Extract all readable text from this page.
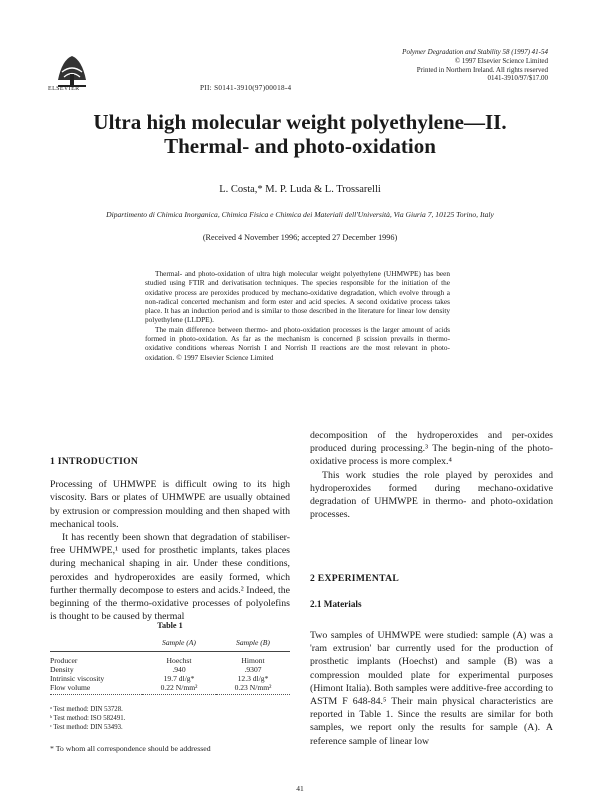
ELSEVIER	PII: S0141-3910(97)00018-4
Polymer Degradation and Stability 58 (1997) 41-54
© 1997 Elsevier Science Limited
Printed in Northern Ireland. All rights reserved
0141-3910/97/$17.00
Ultra high molecular weight polyethylene—II.
Thermal- and photo-oxidation
L. Costa,* M. P. Luda & L. Trossarelli
Dipartimento di Chimica Inorganica, Chimica Fisica e Chimica dei Materiali dell'Università, Via Giuria 7, 10125 Torino, Italy
(Received 4 November 1996; accepted 27 December 1996)

Thermal- and photo-oxidation of ultra high molecular weight polyethylene (UHMWPE) has been studied using FTIR and derivatisation techniques. The species responsible for the initiation of the oxidative process are peroxides produced by mechano-oxidative degradation, which evolve through a non-radical concerted mechanism and form ester and acid species. A second oxidative process takes place. It has an induction period and is similar to those described in the literature for linear low density polyethylene (LLDPE).

The main difference between thermo- and photo-oxidation processes is the larger amount of acids formed in photo-oxidation. As far as the mechanism is concerned β scission prevails in thermo-oxidative conditions whereas Norrish I and Norrish II reactions are the most relevant in photo-oxidation. © 1997 Elsevier Science Limited

1 INTRODUCTION

Processing of UHMWPE is difficult owing to its high viscosity. Bars or plates of UHMWPE are usually obtained by extrusion or compression moulding and then shaped with mechanical tools.

It has recently been shown that degradation of stabiliser-free UHMWPE,¹ used for prosthetic implants, takes places during mechanical shaping in air. Under these conditions, peroxides and hydroperoxides are easily formed, which further thermally decompose to esters and acids.² Indeed, the beginning of the thermo-oxidative processes of polyolefins is thought to be caused by thermal

Table 1
	Sample (A)	Sample (B)
Producer	Hoechst	Himont
Density	.940	.9307
Intrinsic viscosity	19.7 dl/g*	12.3 dl/g*
Flow volume	0.22 N/mm²	0.23 N/mm²
ᵃ Test method: DIN 53728.
ᵇ Test method: ISO 582491.
ᶜ Test method: DIN 53493.
* To whom all correspondence should be addressed
41

decomposition of the hydroperoxides and per-oxides produced during processing.³ The begin-ning of the photo-oxidative process is more complex.⁴

This work studies the role played by peroxides and hydroperoxides formed during mechano-oxidative degradation of UHMWPE in thermo- and photo-oxidation processes.

2 EXPERIMENTAL
2.1 Materials

Two samples of UHMWPE were studied: sample (A) was a 'ram extrusion' bar currently used for the production of prosthetic implants (Hoechst) and sample (B) was a compression moulded plate for experimental purposes (Himont Italia). Both samples were additive-free according to ASTM F 648-84.⁵ Their main physical characteristics are reported in Table 1. Since the results are similar for both samples, we report only the results for sample (A). A reference sample of linear low
